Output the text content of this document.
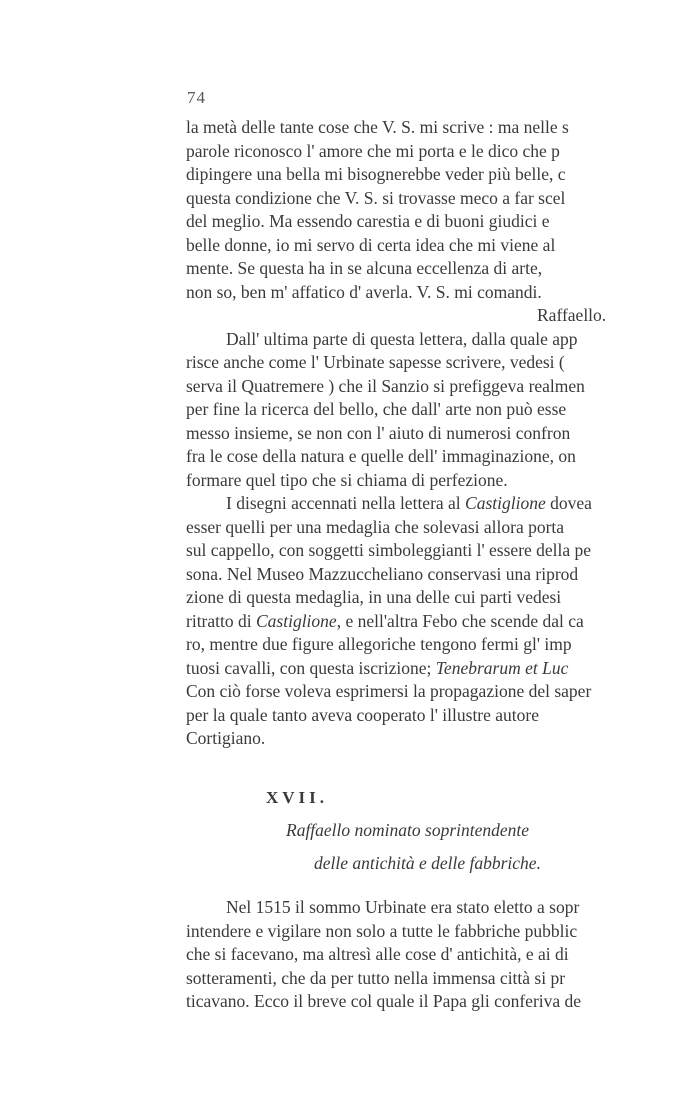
74
la metà delle tante cose che V. S. mi scrive : ma nelle s
parole riconosco l' amore che mi porta e le dico che p
dipingere una bella mi bisognerebbe veder più belle, c
questa condizione che V. S. si trovasse meco a far scel
del meglio. Ma essendo carestia e di buoni giudici e
belle donne, io mi servo di certa idea che mi viene al
mente. Se questa ha in se alcuna eccellenza di arte,
non so, ben m' affatico d' averla. V. S. mi comandi.
Raffaello.
Dall' ultima parte di questa lettera, dalla quale app
risce anche come l' Urbinate sapesse scrivere, vedesi (
serva il Quatremere ) che il Sanzio si prefiggeva realmen
per fine la ricerca del bello, che dall' arte non può esse
messo insieme, se non con l' aiuto di numerosi confron
fra le cose della natura e quelle dell' immaginazione, on
formare quel tipo che si chiama di perfezione.
I disegni accennati nella lettera al Castiglione dovea
esser quelli per una medaglia che solevasi allora porta
sul cappello, con soggetti simboleggianti l' essere della pe
sona. Nel Museo Mazzuccheliano conservasi una riprod
zione di questa medaglia, in una delle cui parti vedesi
ritratto di Castiglione, e nell'altra Febo che scende dal ca
ro, mentre due figure allegoriche tengono fermi gl' imp
tuosi cavalli, con questa iscrizione; Tenebrarum et Luc
Con ciò forse voleva esprimersi la propagazione del saper
per la quale tanto aveva cooperato l' illustre autore
Cortigiano.
XVII.
Raffaello nominato soprintendente
delle antichità e delle fabbriche.
Nel 1515 il sommo Urbinate era stato eletto a sopr
intendere e vigilare non solo a tutte le fabbriche pubblic
che si facevano, ma altresì alle cose d' antichità, e ai di
sotteramenti, che da per tutto nella immensa città si pr
ticavano. Ecco il breve col quale il Papa gli conferiva de
